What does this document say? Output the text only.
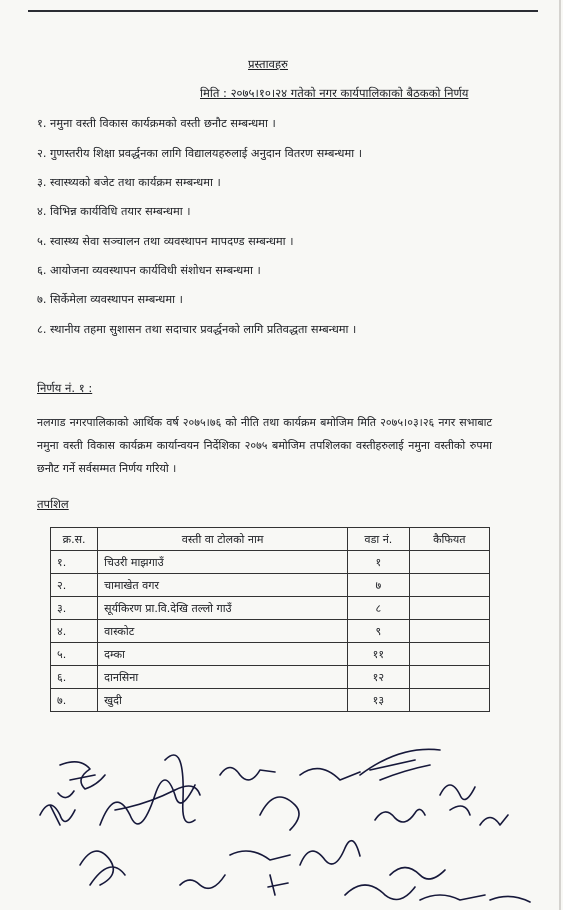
प्रस्तावहरु
मिति : २०७५।१०।२४ गतेको नगर कार्यपालिकाको बैठकको निर्णय
१. नमुना वस्ती विकास कार्यक्रमको वस्ती छनौट सम्बन्धमा ।
२. गुणस्तरीय शिक्षा प्रवर्द्धनका लागि विद्यालयहरुलाई अनुदान वितरण सम्बन्धमा ।
३. स्वास्थ्यको बजेट तथा कार्यक्रम सम्बन्धमा ।
४. विभिन्न कार्यविधि तयार सम्बन्धमा ।
५. स्वास्थ्य सेवा सञ्चालन तथा व्यवस्थापन मापदण्ड सम्बन्धमा ।
६. आयोजना व्यवस्थापन कार्यविधी संशोधन सम्बन्धमा ।
७. सिर्केमेला व्यवस्थापन सम्बन्धमा ।
८. स्थानीय तहमा सुशासन तथा सदाचार प्रवर्द्धनको लागि प्रतिवद्धता सम्बन्धमा ।
निर्णय नं. १ :
नलगाड नगरपालिकाको आर्थिक वर्ष २०७५।७६ को नीति तथा कार्यक्रम बमोजिम मिति २०७५।०३।२६ नगर सभाबाट नमुना वस्ती विकास कार्यक्रम कार्यान्वयन निर्देशिका २०७५ बमोजिम तपशिलका वस्तीहरुलाई नमुना वस्तीको रुपमा छनौट गर्ने सर्वसम्मत निर्णय गरियो ।
तपशिल
क्र.स.	वस्ती वा टोलको नाम	वडा नं.	कैफियत
१.	चिउरी माझगाउँ	१	
२.	चामाखेत वगर	७	
३.	सूर्यकिरण प्रा.वि.देखि तल्लो गाउँ	८	
४.	वास्कोट	९	
५.	दम्का	११	
६.	दानसिना	१२	
७.	खुदी	१३	
